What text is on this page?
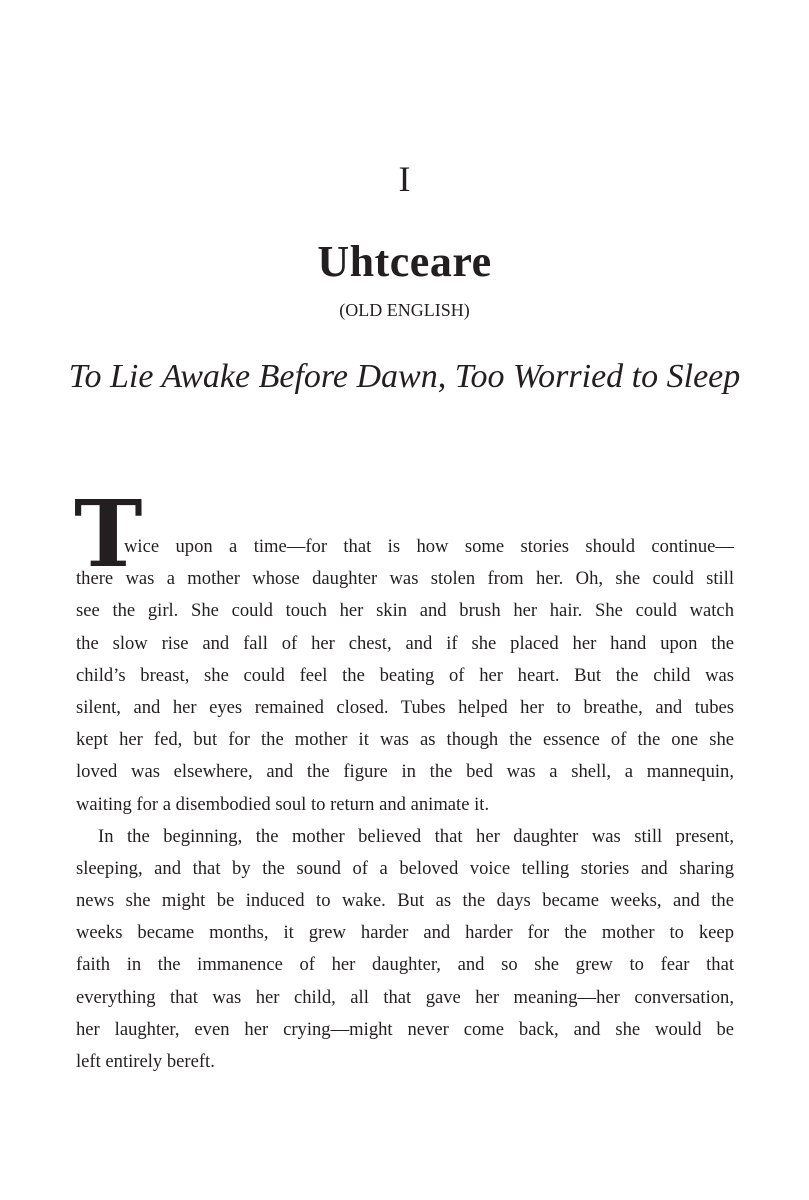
I
Uhtceare
(OLD ENGLISH)
To Lie Awake Before Dawn, Too Worried to Sleep
T
wice upon a time—for that is how some stories should continue—
there was a mother whose daughter was stolen from her. Oh, she could still
see the girl. She could touch her skin and brush her hair. She could watch
the slow rise and fall of her chest, and if she placed her hand upon the
child’s breast, she could feel the beating of her heart. But the child was
silent, and her eyes remained closed. Tubes helped her to breathe, and tubes
kept her fed, but for the mother it was as though the essence of the one she
loved was elsewhere, and the figure in the bed was a shell, a mannequin,
waiting for a disembodied soul to return and animate it.
In the beginning, the mother believed that her daughter was still present,
sleeping, and that by the sound of a beloved voice telling stories and sharing
news she might be induced to wake. But as the days became weeks, and the
weeks became months, it grew harder and harder for the mother to keep
faith in the immanence of her daughter, and so she grew to fear that
everything that was her child, all that gave her meaning—her conversation,
her laughter, even her crying—might never come back, and she would be
left entirely bereft.
